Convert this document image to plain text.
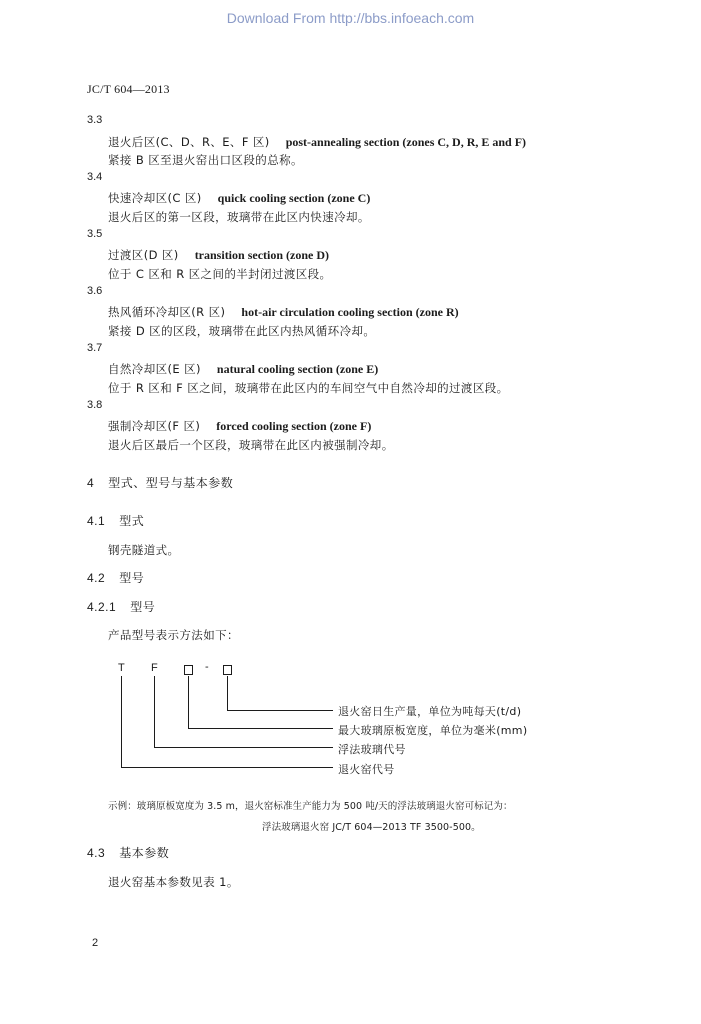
Download From http://bbs.infoeach.com
JC/T 604—2013
3.3
退火后区(C、D、R、E、F 区) post-annealing section (zones C, D, R, E and F)
紧接 B 区至退火窑出口区段的总称。
3.4
快速冷却区(C 区) quick cooling section (zone C)
退火后区的第一区段，玻璃带在此区内快速冷却。
3.5
过渡区(D 区) transition section (zone D)
位于 C 区和 R 区之间的半封闭过渡区段。
3.6
热风循环冷却区(R 区) hot-air circulation cooling section (zone R)
紧接 D 区的区段，玻璃带在此区内热风循环冷却。
3.7
自然冷却区(E 区) natural cooling section (zone E)
位于 R 区和 F 区之间，玻璃带在此区内的车间空气中自然冷却的过渡区段。
3.8
强制冷却区(F 区) forced cooling section (zone F)
退火后区最后一个区段，玻璃带在此区内被强制冷却。
4 型式、型号与基本参数
4.1 型式
钢壳隧道式。
4.2 型号
4.2.1 型号
产品型号表示方法如下：
T F	-
退火窑日生产量，单位为吨每天(t/d)
最大玻璃原板宽度，单位为毫米(mm)
浮法玻璃代号
退火窑代号
示例：玻璃原板宽度为 3.5 m，退火窑标准生产能力为 500 吨/天的浮法玻璃退火窑可标记为：
浮法玻璃退火窑 JC/T 604—2013 TF 3500-500。
4.3 基本参数
退火窑基本参数见表 1。
2
